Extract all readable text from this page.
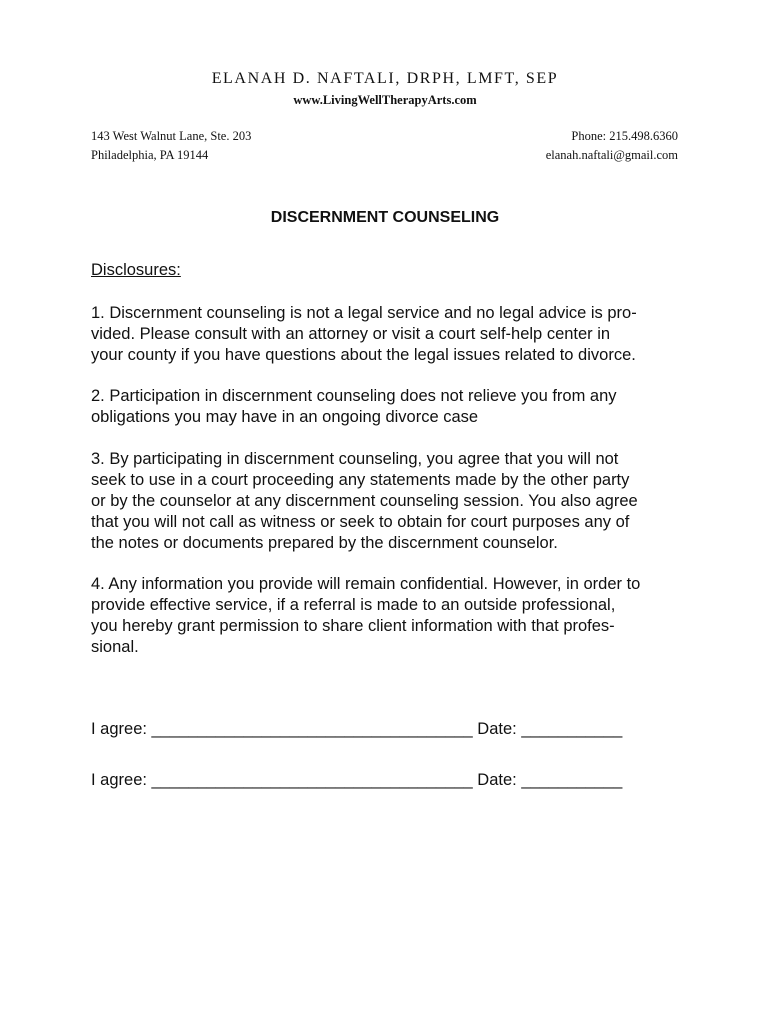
ELANAH D. NAFTALI, DRPH, LMFT, SEP
www.LivingWellTherapyArts.com
143 West Walnut Lane, Ste. 203
Philadelphia, PA 19144
Phone: 215.498.6360
elanah.naftali@gmail.com
DISCERNMENT COUNSELING
Disclosures:
1. Discernment counseling is not a legal service and no legal advice is pro-
vided. Please consult with an attorney or visit a court self-help center in
your county if you have questions about the legal issues related to divorce.
2. Participation in discernment counseling does not relieve you from any
obligations you may have in an ongoing divorce case
3. By participating in discernment counseling, you agree that you will not
seek to use in a court proceeding any statements made by the other party
or by the counselor at any discernment counseling session. You also agree
that you will not call as witness or seek to obtain for court purposes any of
the notes or documents prepared by the discernment counselor.
4. Any information you provide will remain confidential. However, in order to
provide effective service, if a referral is made to an outside professional,
you hereby grant permission to share client information with that profes-
sional.
I agree: ___________________________________ Date: ___________
I agree: ___________________________________ Date: ___________
